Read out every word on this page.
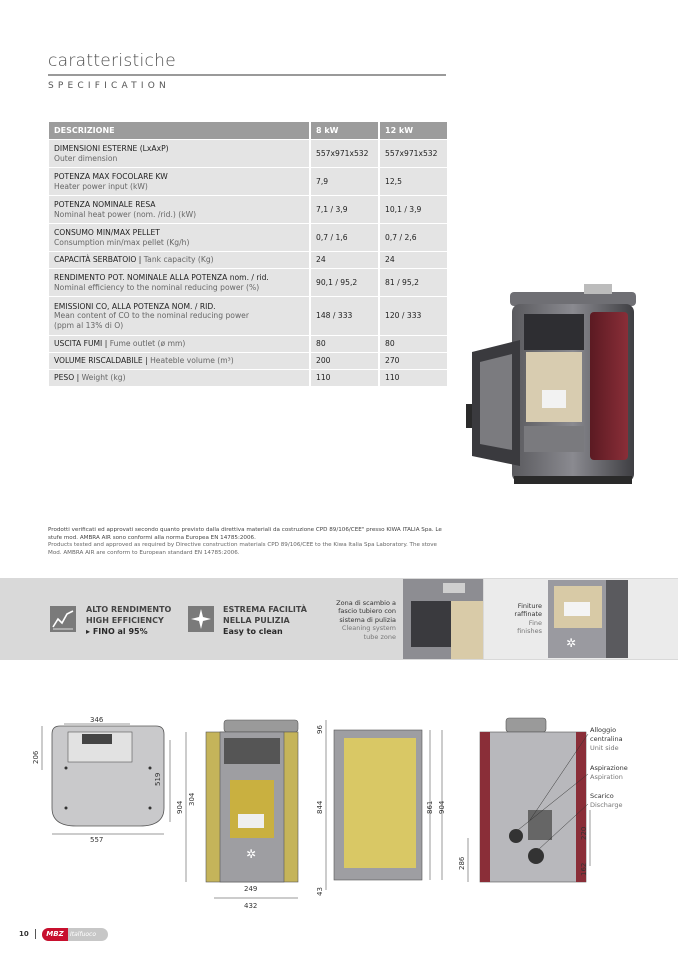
caratteristiche
SPECIFICATION
DESCRIZIONE	8 kW	12 kW
DIMENSIONI ESTERNE (LxAxP)
Outer dimension	557x971x532	557x971x532
POTENZA MAX FOCOLARE KW
Heater power input (kW)	7,9	12,5
POTENZA NOMINALE RESA
Nominal heat power (nom. /rid.) (kW)	7,1 / 3,9	10,1 / 3,9
CONSUMO MIN/MAX PELLET
Consumption min/max pellet (Kg/h)	0,7 / 1,6	0,7 / 2,6
CAPACITÀ SERBATOIO | Tank capacity (Kg)	24	24
RENDIMENTO POT. NOMINALE ALLA POTENZA nom. / rid.
Nominal efficiency to the nominal reducing power (%)	90,1 / 95,2	81 / 95,2
EMISSIONI CO, ALLA POTENZA NOM. / RID.
Mean content of CO to the nominal reducing power
(ppm al 13% di O)	148 / 333	120 / 333
USCITA FUMI | Fume outlet (ø mm)	80	80
VOLUME RISCALDABILE | Heateble volume (m³)	200	270
PESO | Weight (kg)	110	110
Prodotti verificati ed approvati secondo quanto previsto dalla direttiva materiali da costruzione CPD 89/106/CEE" presso KIWA ITALIA Spa. Le stufe mod. AMBRA AIR sono conformi alla norma Europea EN 14785:2006.
Products tested and approved as required by Directive construction materials CPD 89/106/CEE to the Kiwa Italia Spa Laboratory. The stove Mod. AMBRA AIR are conform to European standard EN 14785:2006.
ALTO RENDIMENTO
HIGH EFFICIENCY
▸ FINO al 95%
ESTREMA FACILITÀ
NELLA PULIZIA
Easy to clean
Zona di scambio a
fascio tubiero con
sistema di pulizia
Cleaning system
tube zone
Finiture
raffinate
Fine
finishes
✲
346
206
519
557
✲
904
304
249
432
96
844	861 904
43
286
220
162
Alloggio
centralina
Unit side
Aspirazione
Aspiration
Scarico
Discharge
10	MBZ	Italfuoco
